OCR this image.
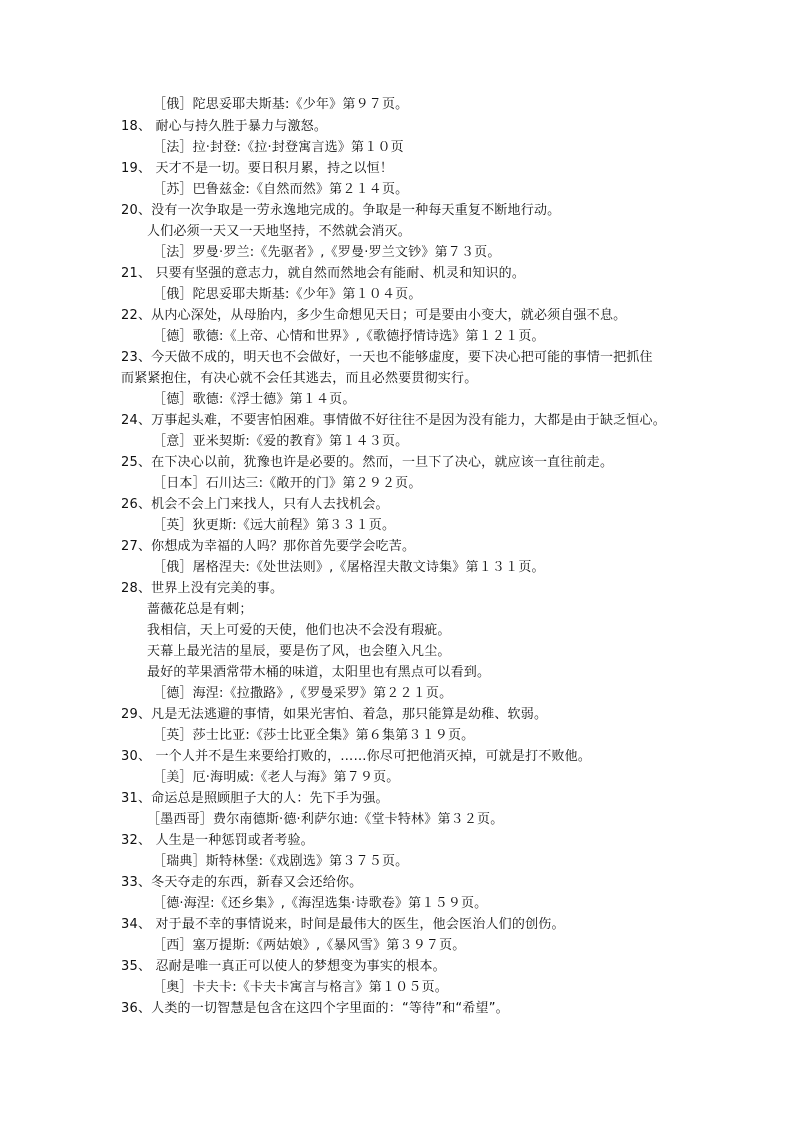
［俄］陀思妥耶夫斯基:《少年》第９７页。
18、 耐心与持久胜于暴力与激怒。
［法］拉·封登:《拉·封登寓言选》第１０页
19、 天才不是一切。要日积月累，持之以恒！
［苏］巴鲁兹金:《自然而然》第２１４页。
20、没有一次争取是一劳永逸地完成的。争取是一种每天重复不断地行动。
人们必须一天又一天地坚持，不然就会消灭。
［法］罗曼·罗兰:《先驱者》,《罗曼·罗兰文钞》第７３页。
21、 只要有坚强的意志力，就自然而然地会有能耐、机灵和知识的。
［俄］陀思妥耶夫斯基:《少年》第１０４页。
22、从内心深处，从母胎内，多少生命想见天日；可是要由小变大，就必须自强不息。
［德］歌德:《上帝、心情和世界》,《歌德抒情诗选》第１２１页。
23、今天做不成的，明天也不会做好，一天也不能够虚度，要下决心把可能的事情一把抓住
而紧紧抱住，有决心就不会任其逃去，而且必然要贯彻实行。
［德］歌德:《浮士德》第１４页。
24、万事起头难，不要害怕困难。事情做不好往往不是因为没有能力，大都是由于缺乏恒心。
［意］亚米契斯:《爱的教育》第１４３页。
25、在下决心以前，犹豫也许是必要的。然而，一旦下了决心，就应该一直往前走。
［日本］石川达三:《敞开的门》第２９２页。
26、机会不会上门来找人，只有人去找机会。
［英］狄更斯:《远大前程》第３３１页。
27、你想成为幸福的人吗？那你首先要学会吃苦。
［俄］屠格涅夫:《处世法则》,《屠格涅夫散文诗集》第１３１页。
28、世界上没有完美的事。
蔷薇花总是有刺；
我相信，天上可爱的天使，他们也决不会没有瑕疵。
天幕上最光洁的星辰，要是伤了风，也会堕入凡尘。
最好的苹果酒常带木桶的味道，太阳里也有黑点可以看到。
［德］海涅:《拉撒路》,《罗曼采罗》第２２１页。
29、凡是无法逃避的事情，如果光害怕、着急，那只能算是幼稚、软弱。
［英］莎士比亚:《莎士比亚全集》第６集第３１９页。
30、 一个人并不是生来要给打败的，……你尽可把他消灭掉，可就是打不败他。
［美］厄·海明威:《老人与海》第７９页。
31、命运总是照顾胆子大的人：先下手为强。
［墨西哥］费尔南德斯·德·利萨尔迪:《堂卡特林》第３２页。
32、 人生是一种惩罚或者考验。
［瑞典］斯特林堡:《戏剧选》第３７５页。
33、冬天夺走的东西，新春又会还给你。
［德·海涅:《还乡集》,《海涅选集·诗歌卷》第１５９页。
34、 对于最不幸的事情说来，时间是最伟大的医生，他会医治人们的创伤。
［西］塞万提斯:《两姑娘》,《暴风雪》第３９７页。
35、 忍耐是唯一真正可以使人的梦想变为事实的根本。
［奥］卡夫卡:《卡夫卡寓言与格言》第１０５页。
36、人类的一切智慧是包含在这四个字里面的：“等待”和“希望”。
